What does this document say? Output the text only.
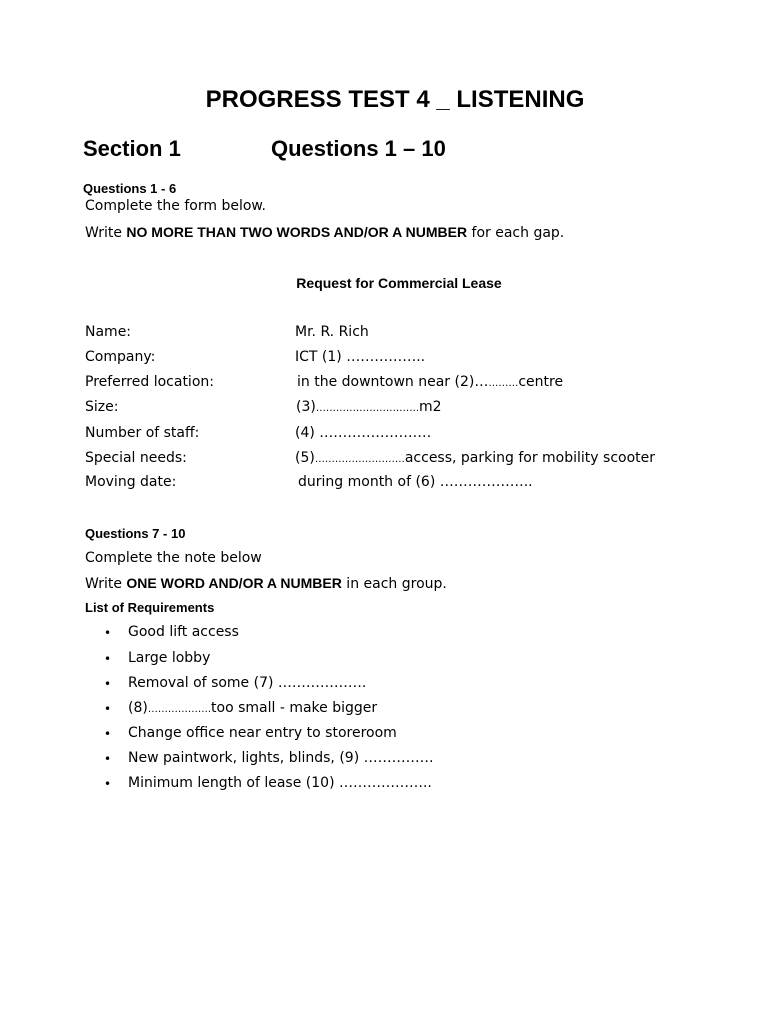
PROGRESS TEST 4 _ LISTENING
Section 1	Questions 1 – 10
Questions 1 - 6
Complete the form below.
Write NO MORE THAN TWO WORDS AND/OR A NUMBER for each gap.
Request for Commercial Lease
Name:	Mr. R. Rich
Company:	ICT (1) ……………..
Preferred location:	in the downtown near (2)…………centre
Size:	(3)………………………….m2
Number of staff:	(4) ……………………
Special needs:	(5)………………………access, parking for mobility scooter
Moving date:	during month of (6) ………………..
Questions 7 - 10
Complete the note below
Write ONE WORD AND/OR A NUMBER in each group.
List of Requirements
• Good lift access
• Large lobby
• Removal of some (7) ……………….
• (8)……………….too small - make bigger
• Change office near entry to storeroom
• New paintwork, lights, blinds, (9) ……………
• Minimum length of lease (10) ………………..
